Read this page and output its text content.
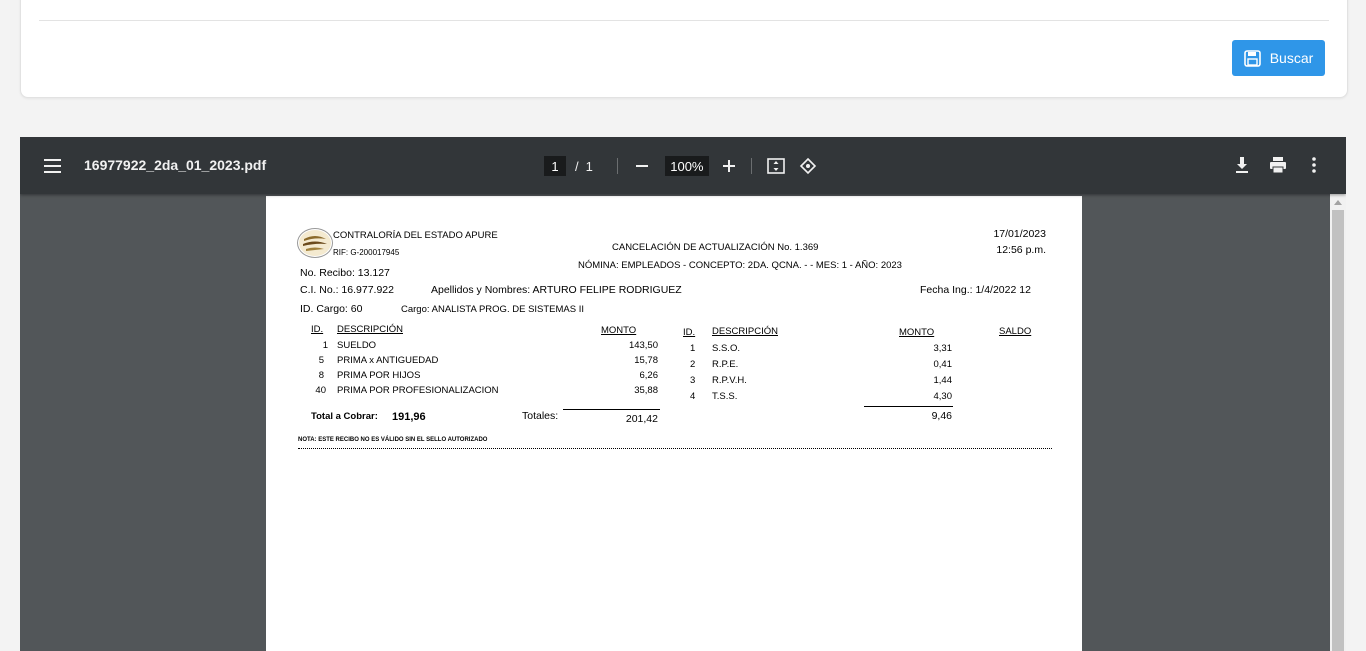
Buscar
16977922_2da_01_2023.pdf	1	/ 1	100%
CONTRALORÍA DEL ESTADO APURE
RIF: G-200017945	CANCELACIÓN DE ACTUALIZACIÓN No. 1.369
NÓMINA: EMPLEADOS - CONCEPTO: 2DA. QCNA. - - MES: 1 - AÑO: 2023
17/01/2023
12:56 p.m.
No. Recibo: 13.127
C.I. No.: 16.977.922	Apellidos y Nombres: ARTURO FELIPE RODRIGUEZ	Fecha Ing.: 1/4/2022 12
ID. Cargo: 60	Cargo: ANALISTA PROG. DE SISTEMAS II
ID. DESCRIPCIÓN	MONTO
1 SUELDO	143,50
5 PRIMA x ANTIGUEDAD	15,78
8 PRIMA POR HIJOS	6,26
40 PRIMA POR PROFESIONALIZACION	35,88
Totales:	201,42
ID. DESCRIPCIÓN	MONTO	SALDO
1 S.S.O.	3,31
2 R.P.E.	0,41
3 R.P.V.H.	1,44
4 T.S.S.	4,30
9,46
Total a Cobrar: 191,96
NOTA: ESTE RECIBO NO ES VÁLIDO SIN EL SELLO AUTORIZADO
